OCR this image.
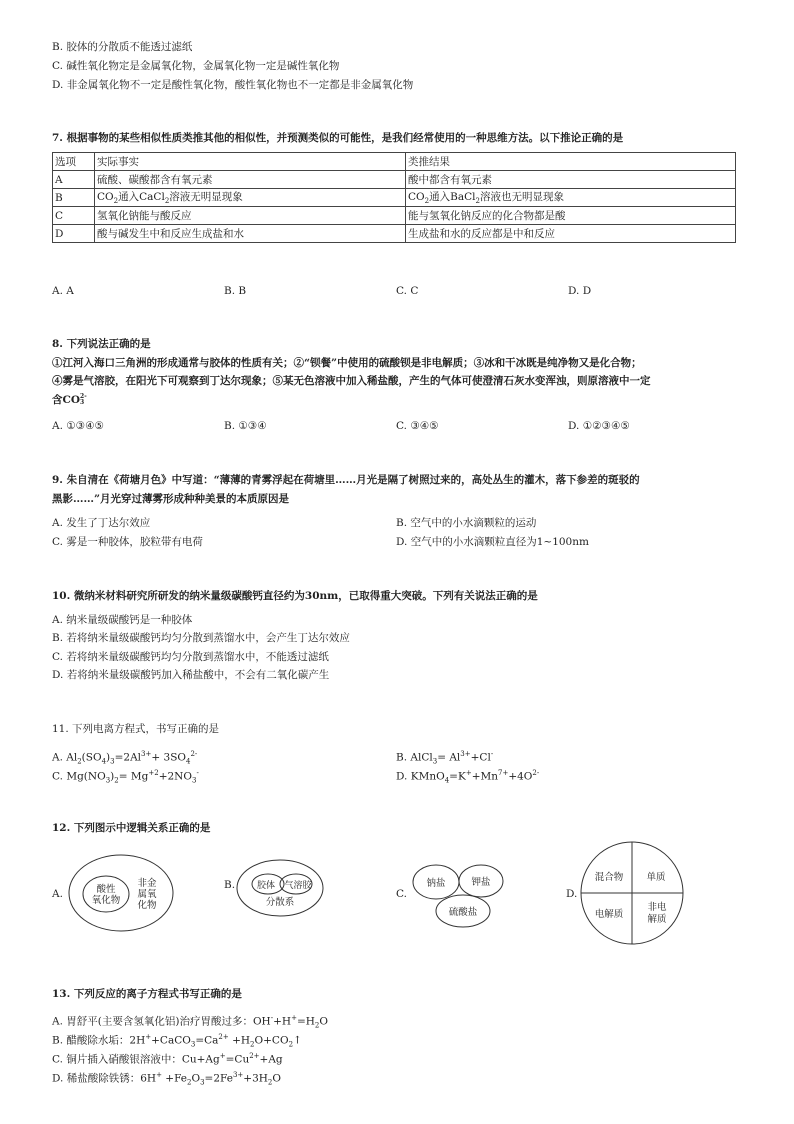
B. 胶体的分散质不能透过滤纸
C. 碱性氧化物定是金属氧化物，金属氧化物一定是碱性氧化物
D. 非金属氧化物不一定是酸性氧化物，酸性氧化物也不一定都是非金属氧化物
7. 根据事物的某些相似性质类推其他的相似性，并预测类似的可能性，是我们经常使用的一种思维方法。以下推论正确的是
选项	实际事实	类推结果
A	硫酸、碳酸都含有氧元素	酸中都含有氧元素
B	$CO_2$通入CaCl$_2$溶液无明显现象	$CO_2$通入BaCl$_2$溶液也无明显现象
C	氢氧化钠能与酸反应	能与氢氧化钠反应的化合物都是酸
D	酸与碱发生中和反应生成盐和水	生成盐和水的反应都是中和反应
A. A	B. B	C. C	D. D
8. 下列说法正确的是
①江河入海口三角洲的形成通常与胶体的性质有关；②“钡餐”中使用的硫酸钡是非电解质；③冰和干冰既是纯净物又是化合物；
④雾是气溶胶，在阳光下可观察到丁达尔现象；⑤某无色溶液中加入稀盐酸，产生的气体可使澄清石灰水变浑浊，则原溶液中一定
含CO 2-
3
A. ①③④⑤	B. ①③④	C. ③④⑤	D. ①②③④⑤
9. 朱自清在《荷塘月色》中写道：“薄薄的青雾浮起在荷塘里……月光是隔了树照过来的，高处丛生的灌木，落下参差的斑驳的
黑影……”月光穿过薄雾形成种种美景的本质原因是
A. 发生了丁达尔效应	B. 空气中的小水滴颗粒的运动
C. 雾是一种胶体，胶粒带有电荷	D. 空气中的小水滴颗粒直径为1~100nm
10. 微纳米材料研究所研发的纳米量级碳酸钙直径约为30nm，已取得重大突破。下列有关说法正确的是
A. 纳米量级碳酸钙是一种胶体
B. 若将纳米量级碳酸钙均匀分散到蒸馏水中，会产生丁达尔效应
C. 若将纳米量级碳酸钙均匀分散到蒸馏水中，不能透过滤纸
D. 若将纳米量级碳酸钙加入稀盐酸中，不会有二氧化碳产生
11. 下列电离方程式，书写正确的是
A. $Al_2(SO_4)_3=2Al^{3+}+ 3SO_4^{2-}$	B. AlCl$_3$= $Al^{3+}+Cl^-$
C. $Mg(NO_3)_2= Mg^{+2}+2NO_3^-$	D. $KMnO_4=K^++Mn^{7+}+4O^{2-}$
12. 下列图示中逻辑关系正确的是
A.	酸性
氧化物
非金
属氧
化物
B. 胶体 气溶胶
分散系
C.
钠盐	钾盐
硫酸盐
D.
混合物 单质
电解质
非电
解质
13. 下列反应的离子方程式书写正确的是
A. 胃舒平(主要含氢氧化铝)治疗胃酸过多：$OH^-+H^+=H_2O$
B. 醋酸除水垢：$2H^++CaCO_3=Ca^{2+}$ $+H_2O+CO_2↑$
C. 铜片插入硝酸银溶液中：$Cu+Ag^+=Cu^{2+}+Ag$
D. 稀盐酸除铁锈：$6H^+ +Fe_2O_3=2Fe^{3+}+3H_2O$
